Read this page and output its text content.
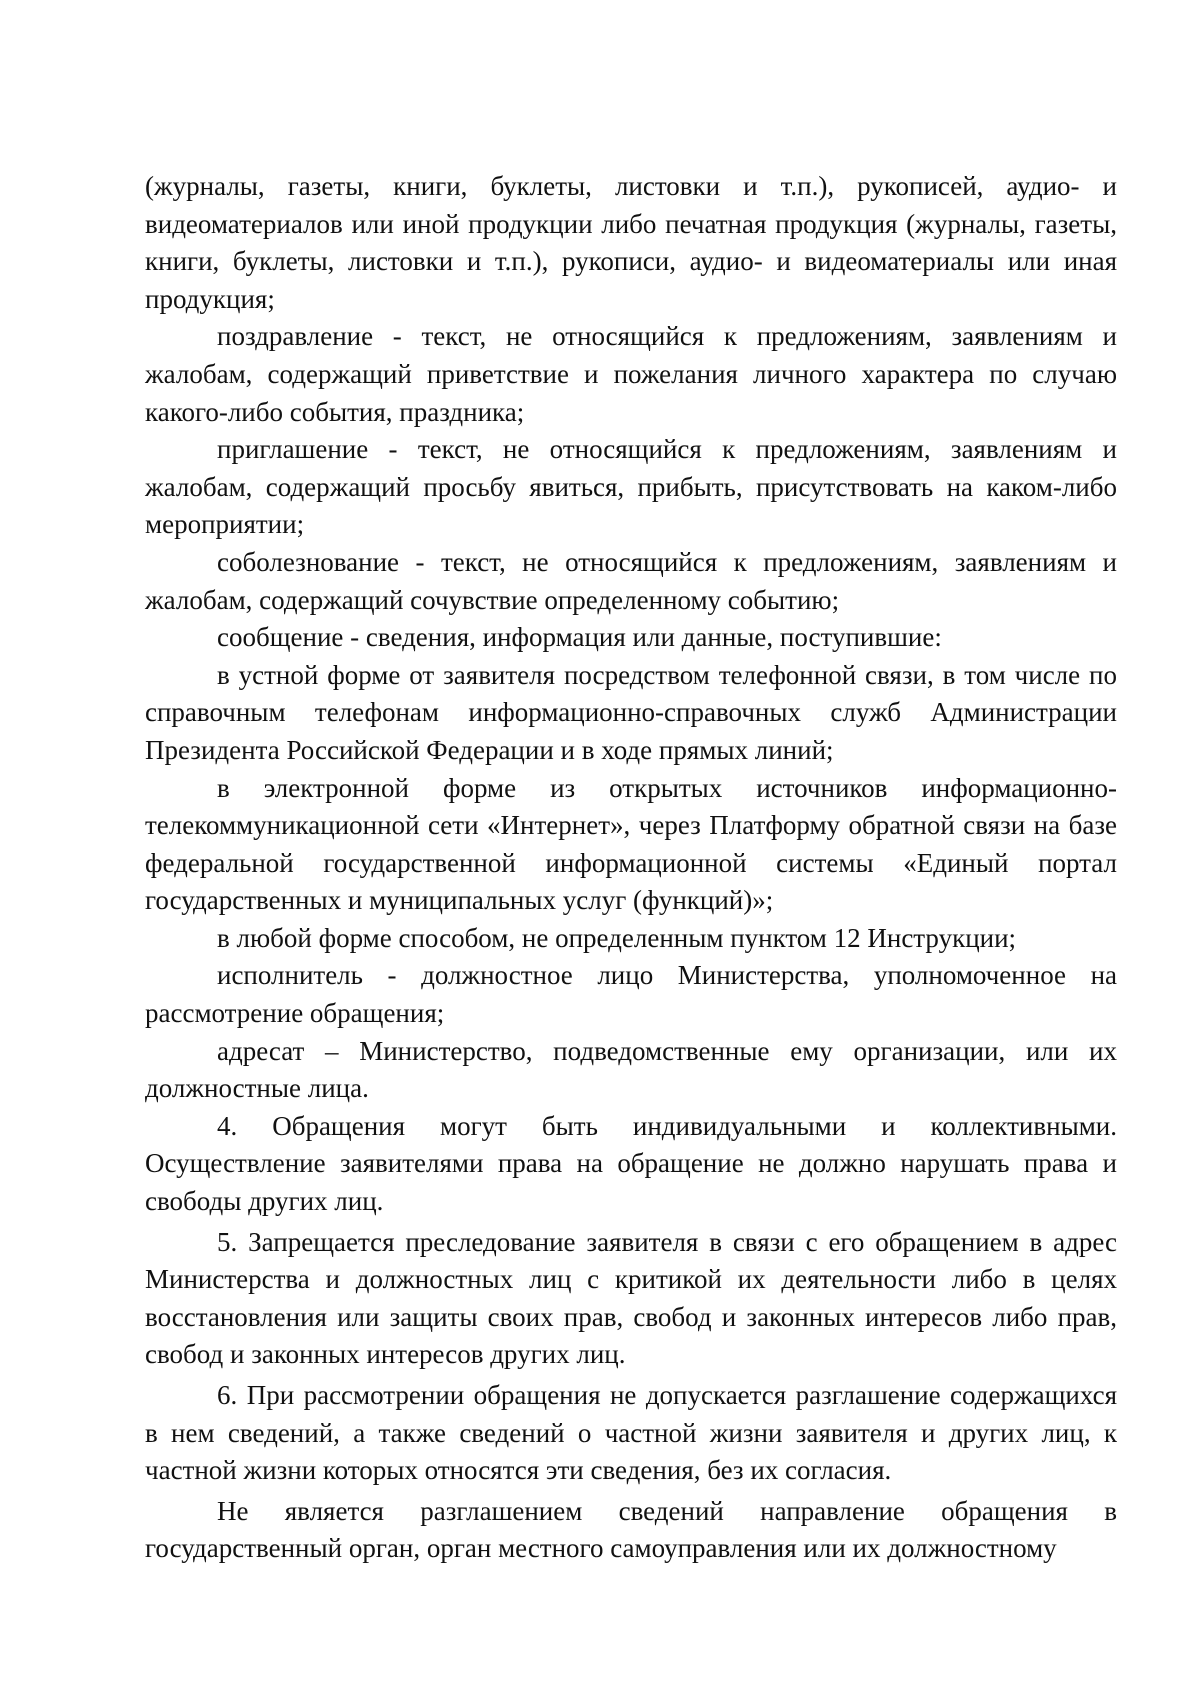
(журналы, газеты, книги, буклеты, листовки и т.п.), рукописей, аудио- и видеоматериалов или иной продукции либо печатная продукция (журналы, газеты, книги, буклеты, листовки и т.п.), рукописи, аудио- и видеоматериалы или иная продукция;

поздравление - текст, не относящийся к предложениям, заявлениям и жалобам, содержащий приветствие и пожелания личного характера по случаю какого-либо события, праздника;

приглашение - текст, не относящийся к предложениям, заявлениям и жалобам, содержащий просьбу явиться, прибыть, присутствовать на каком-либо мероприятии;

соболезнование - текст, не относящийся к предложениям, заявлениям и жалобам, содержащий сочувствие определенному событию;

сообщение - сведения, информация или данные, поступившие:

в устной форме от заявителя посредством телефонной связи, в том числе по справочным телефонам информационно-справочных служб Администрации Президента Российской Федерации и в ходе прямых линий;

в электронной форме из открытых источников информационно-телекоммуникационной сети «Интернет», через Платформу обратной связи на базе федеральной государственной информационной системы «Единый портал государственных и муниципальных услуг (функций)»;

в любой форме способом, не определенным пунктом 12 Инструкции;

исполнитель - должностное лицо Министерства, уполномоченное на рассмотрение обращения;

адресат – Министерство, подведомственные ему организации, или их должностные лица.

4. Обращения могут быть индивидуальными и коллективными. Осуществление заявителями права на обращение не должно нарушать права и свободы других лиц.

5. Запрещается преследование заявителя в связи с его обращением в адрес Министерства и должностных лиц с критикой их деятельности либо в целях восстановления или защиты своих прав, свобод и законных интересов либо прав, свобод и законных интересов других лиц.

6. При рассмотрении обращения не допускается разглашение содержащихся в нем сведений, а также сведений о частной жизни заявителя и других лиц, к частной жизни которых относятся эти сведения, без их согласия.

Не является разглашением сведений направление обращения в государственный орган, орган местного самоуправления или их должностному
